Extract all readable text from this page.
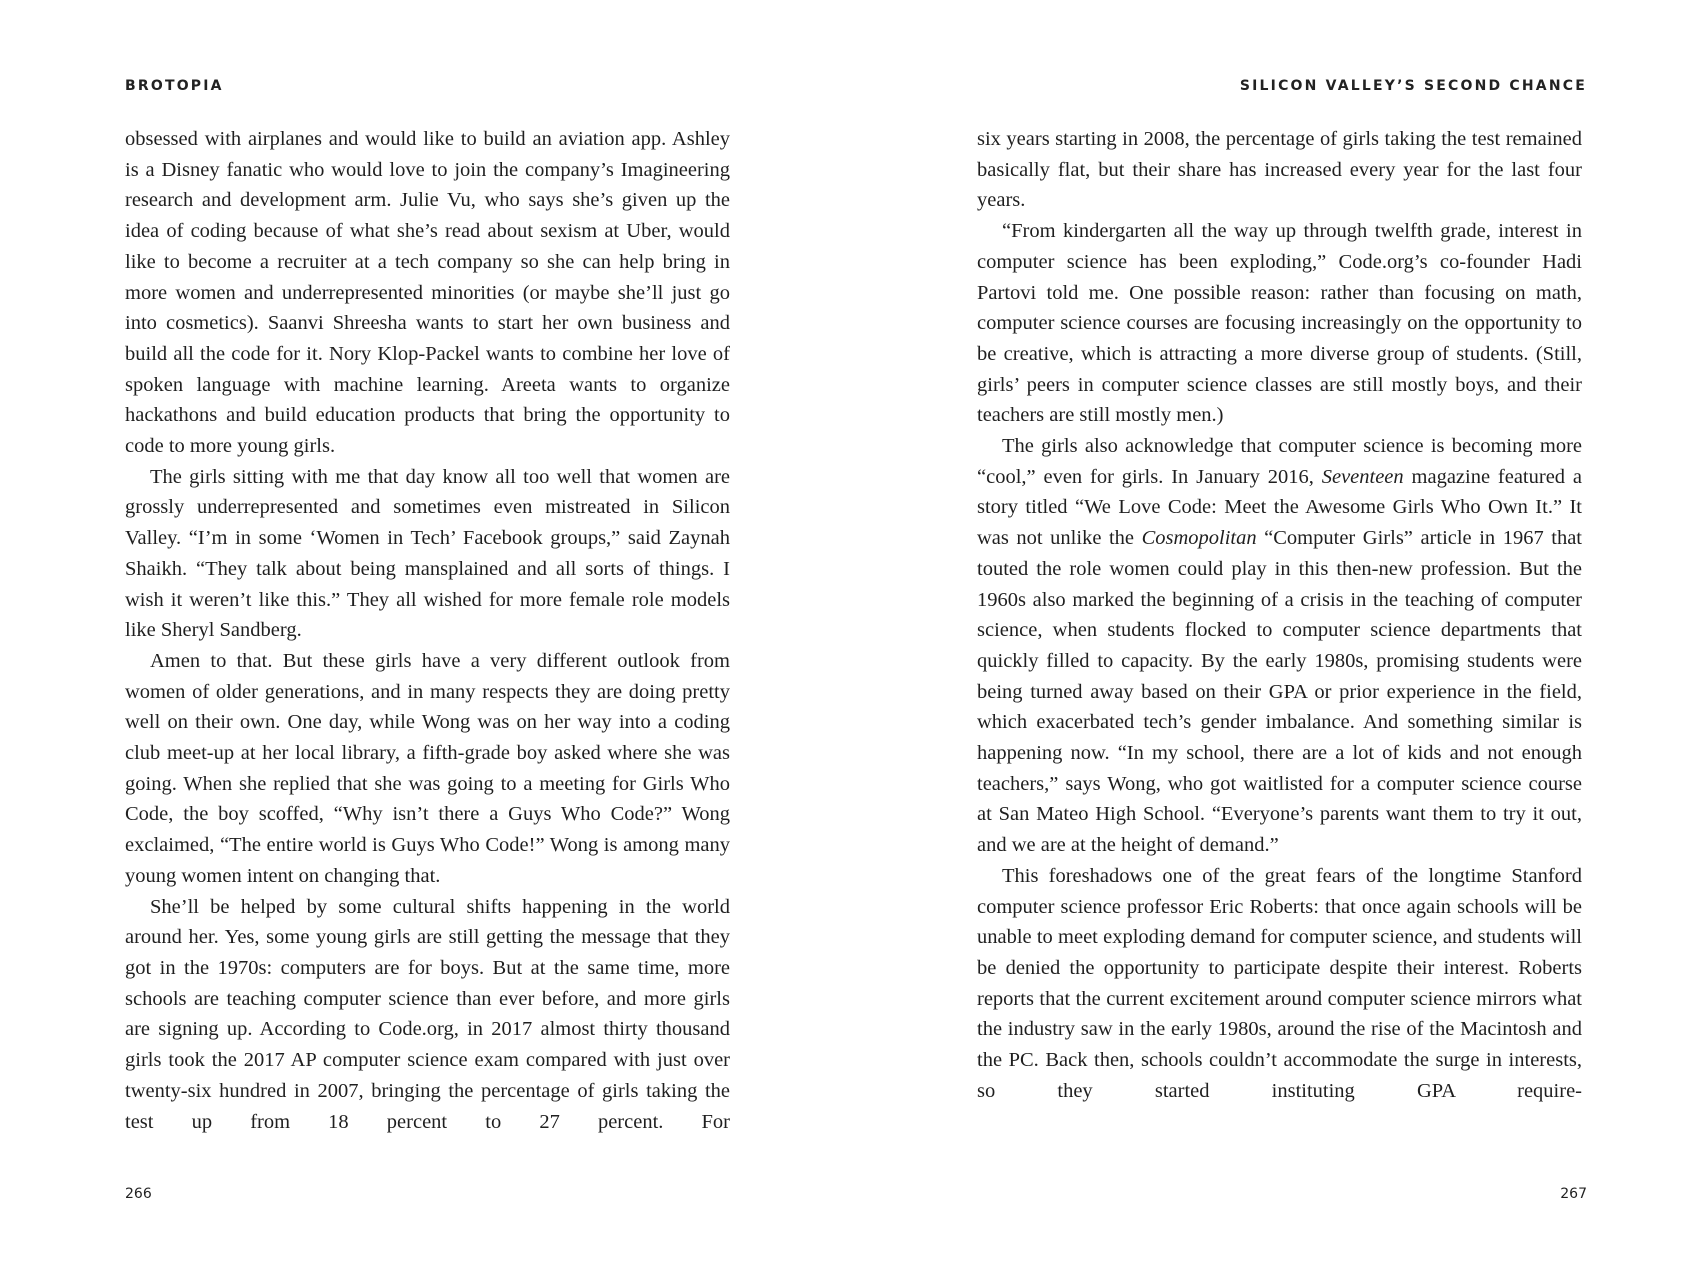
BROTOPIA

obsessed with airplanes and would like to build an aviation app. Ashley is a Disney fanatic who would love to join the company’s Imagineering research and development arm. Julie Vu, who says she’s given up the idea of coding because of what she’s read about sexism at Uber, would like to become a recruiter at a tech company so she can help bring in more women and underrepresented minorities (or maybe she’ll just go into cosmetics). Saanvi Shreesha wants to start her own business and build all the code for it. Nory Klop-Packel wants to combine her love of spoken language with machine learning. Areeta wants to organize hackathons and build education products that bring the opportunity to code to more young girls.

The girls sitting with me that day know all too well that women are grossly underrepresented and sometimes even mistreated in Silicon Valley. “I’m in some ‘Women in Tech’ Facebook groups,” said Zaynah Shaikh. “They talk about being mansplained and all sorts of things. I wish it weren’t like this.” They all wished for more female role models like Sheryl Sandberg.

Amen to that. But these girls have a very different outlook from women of older generations, and in many respects they are doing pretty well on their own. One day, while Wong was on her way into a coding club meet-up at her local library, a fifth-grade boy asked where she was going. When she replied that she was going to a meeting for Girls Who Code, the boy scoffed, “Why isn’t there a Guys Who Code?” Wong exclaimed, “The entire world is Guys Who Code!” Wong is among many young women intent on changing that.

She’ll be helped by some cultural shifts happening in the world around her. Yes, some young girls are still getting the message that they got in the 1970s: computers are for boys. But at the same time, more schools are teaching computer science than ever before, and more girls are signing up. According to Code.org, in 2017 almost thirty thousand girls took the 2017 AP computer science exam compared with just over twenty-six hundred in 2007, bringing the percentage of girls taking the test up from 18 percent to 27 percent. For

266
SILICON VALLEY’S SECOND CHANCE

six years starting in 2008, the percentage of girls taking the test remained basically flat, but their share has increased every year for the last four years.

“From kindergarten all the way up through twelfth grade, interest in computer science has been exploding,” Code.org’s co-founder Hadi Partovi told me. One possible reason: rather than focusing on math, computer science courses are focusing increasingly on the opportunity to be creative, which is attracting a more diverse group of students. (Still, girls’ peers in computer science classes are still mostly boys, and their teachers are still mostly men.)

The girls also acknowledge that computer science is becoming more “cool,” even for girls. In January 2016, Seventeen magazine featured a story titled “We Love Code: Meet the Awesome Girls Who Own It.” It was not unlike the Cosmopolitan “Computer Girls” article in 1967 that touted the role women could play in this then-new profession. But the 1960s also marked the beginning of a crisis in the teaching of computer science, when students flocked to computer science departments that quickly filled to capacity. By the early 1980s, promising students were being turned away based on their GPA or prior experience in the field, which exacerbated tech’s gender imbalance. And something similar is happening now. “In my school, there are a lot of kids and not enough teachers,” says Wong, who got waitlisted for a computer science course at San Mateo High School. “Everyone’s parents want them to try it out, and we are at the height of demand.”

This foreshadows one of the great fears of the longtime Stanford computer science professor Eric Roberts: that once again schools will be unable to meet exploding demand for computer science, and students will be denied the opportunity to participate despite their interest. Roberts reports that the current excitement around computer science mirrors what the industry saw in the early 1980s, around the rise of the Macintosh and the PC. Back then, schools couldn’t accommodate the surge in interests, so they started instituting GPA require-

267
